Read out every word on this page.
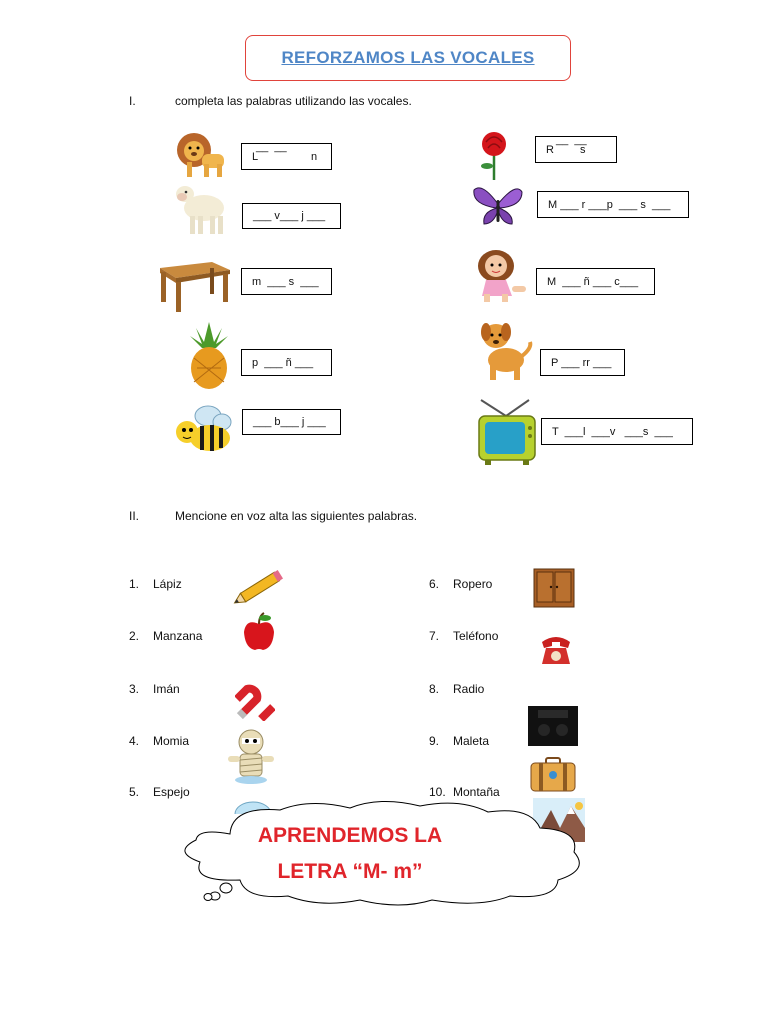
REFORZAMOS LAS VOCALES
I.	completa las palabras utilizando las vocales.
__  __
L	n
___ v___ j ___
m  ___ s  ___
p  ___ ñ ___
___ b___ j ___
__  __
R s
M ___ r ___p  ___ s  ___
M  ___ ñ ___ c___
P ___ rr ___
T  ___l  ___v   ___s  ___
II.	Mencione en voz alta las siguientes palabras.
1. Lápiz
2. Manzana
3. Imán
4. Momia
5. Espejo
6. Ropero
7. Teléfono
8. Radio
9. Maleta
10. Montaña
APRENDEMOS LA
LETRA “M- m”
